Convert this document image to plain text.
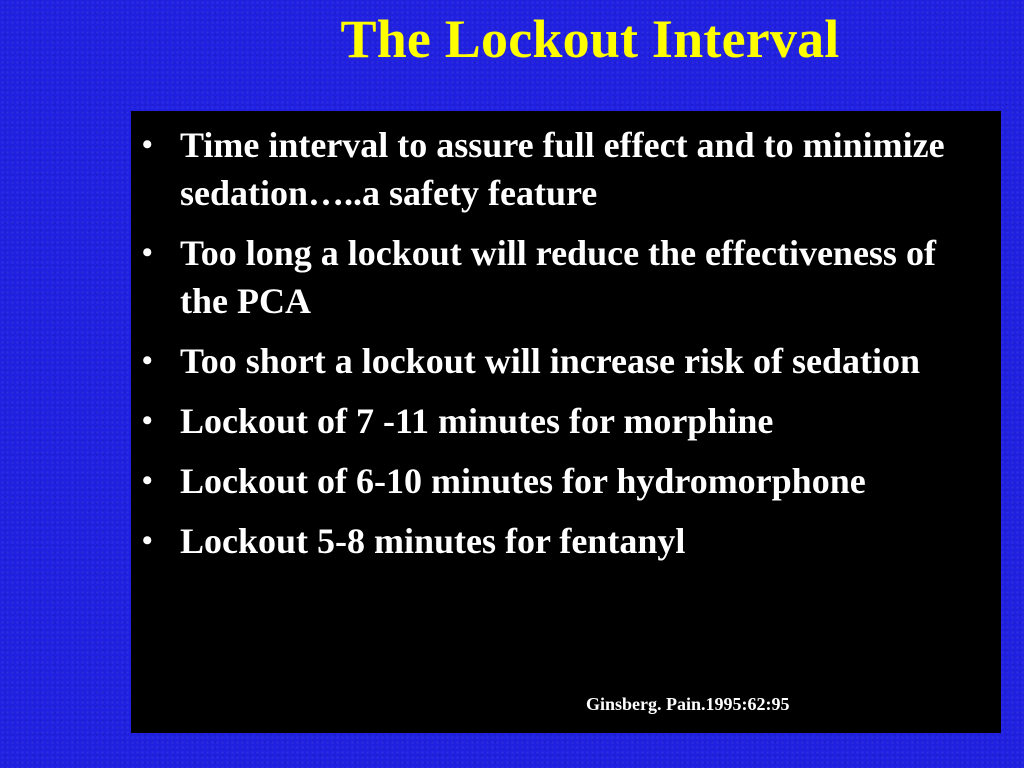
The Lockout Interval
• Time interval to assure full effect and to minimize sedation…..a safety feature
• Too long a lockout will reduce the effectiveness of the PCA
• Too short a lockout will increase risk of sedation
• Lockout of 7 -11 minutes for morphine
• Lockout of 6-10 minutes for hydromorphone
• Lockout 5-8 minutes for fentanyl
Ginsberg. Pain.1995:62:95
